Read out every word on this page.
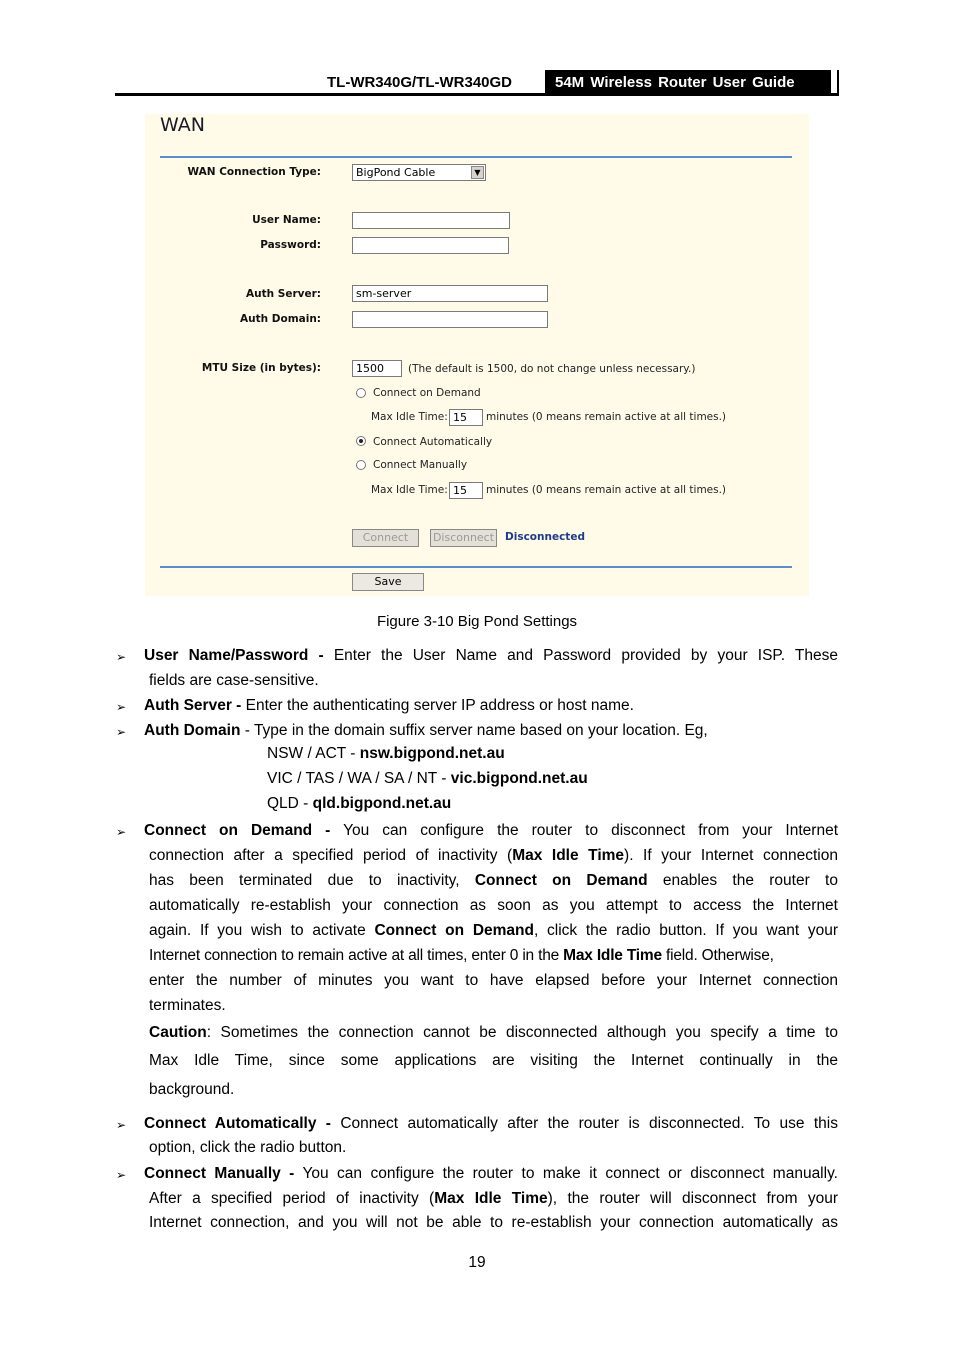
TL-WR340G/TL-WR340GD	54M Wireless Router User Guide
WAN
WAN Connection Type:	BigPond Cable	▼
User Name:
Password:
Auth Server:	sm-server
Auth Domain:
MTU Size (in bytes):	1500	(The default is 1500, do not change unless necessary.)
Connect on Demand
Max Idle Time: 15	minutes (0 means remain active at all times.)
Connect Automatically
Connect Manually
Max Idle Time: 15	minutes (0 means remain active at all times.)
Connect	Disconnect Disconnected
Save
Figure 3-10 Big Pond Settings
➢ User Name/Password - Enter the User Name and Password provided by your ISP. These
fields are case-sensitive.
➢ Auth Server - Enter the authenticating server IP address or host name.
➢ Auth Domain - Type in the domain suffix server name based on your location. Eg,
NSW / ACT - nsw.bigpond.net.au
VIC / TAS / WA / SA / NT - vic.bigpond.net.au
QLD - qld.bigpond.net.au
➢ Connect on Demand - You can configure the router to disconnect from your Internet
connection after a specified period of inactivity (Max Idle Time). If your Internet connection
has been terminated due to inactivity, Connect on Demand enables the router to
automatically re-establish your connection as soon as you attempt to access the Internet
again. If you wish to activate Connect on Demand, click the radio button. If you want your
Internet connection to remain active at all times, enter 0 in the Max Idle Time field. Otherwise,
enter the number of minutes you want to have elapsed before your Internet connection
terminates.
Caution: Sometimes the connection cannot be disconnected although you specify a time to
Max Idle Time, since some applications are visiting the Internet continually in the
background.
➢ Connect Automatically - Connect automatically after the router is disconnected. To use this
option, click the radio button.
➢ Connect Manually - You can configure the router to make it connect or disconnect manually.
After a specified period of inactivity (Max Idle Time), the router will disconnect from your
Internet connection, and you will not be able to re-establish your connection automatically as
19
